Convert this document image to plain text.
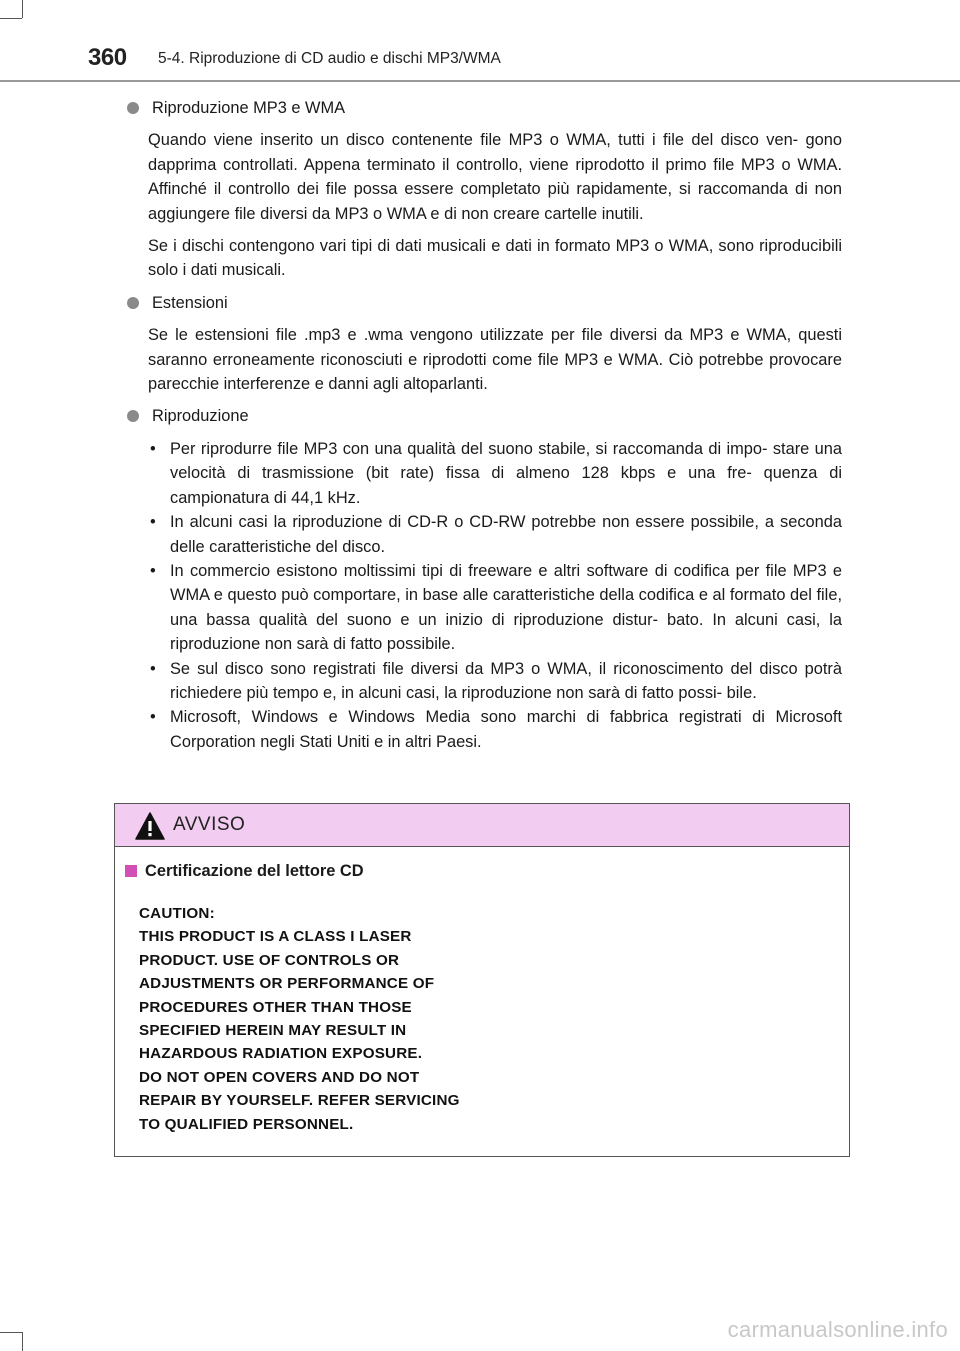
360 5-4. Riproduzione di CD audio e dischi MP3/WMA
Riproduzione MP3 e WMA

Quando viene inserito un disco contenente file MP3 o WMA, tutti i file del disco ven- gono dapprima controllati. Appena terminato il controllo, viene riprodotto il primo file MP3 o WMA. Affinché il controllo dei file possa essere completato più rapidamente, si raccomanda di non aggiungere file diversi da MP3 o WMA e di non creare cartelle inutili.

Se i dischi contengono vari tipi di dati musicali e dati in formato MP3 o WMA, sono riproducibili solo i dati musicali.

Estensioni

Se le estensioni file .mp3 e .wma vengono utilizzate per file diversi da MP3 e WMA, questi saranno erroneamente riconosciuti e riprodotti come file MP3 e WMA. Ciò potrebbe provocare parecchie interferenze e danni agli altoparlanti.

Riproduzione
• Per riprodurre file MP3 con una qualità del suono stabile, si raccomanda di impo- stare una velocità di trasmissione (bit rate) fissa di almeno 128 kbps e una fre- quenza di campionatura di 44,1 kHz.
• In alcuni casi la riproduzione di CD-R o CD-RW potrebbe non essere possibile, a seconda delle caratteristiche del disco.
• In commercio esistono moltissimi tipi di freeware e altri software di codifica per file MP3 e WMA e questo può comportare, in base alle caratteristiche della codifica e al formato del file, una bassa qualità del suono e un inizio di riproduzione distur- bato. In alcuni casi, la riproduzione non sarà di fatto possibile.
• Se sul disco sono registrati file diversi da MP3 o WMA, il riconoscimento del disco potrà richiedere più tempo e, in alcuni casi, la riproduzione non sarà di fatto possi- bile.
• Microsoft, Windows e Windows Media sono marchi di fabbrica registrati di Microsoft Corporation negli Stati Uniti e in altri Paesi.
AVVISO
Certificazione del lettore CD
CAUTION:
THIS PRODUCT IS A CLASS I LASER
PRODUCT. USE OF CONTROLS OR
ADJUSTMENTS OR PERFORMANCE OF
PROCEDURES OTHER THAN THOSE
SPECIFIED HEREIN MAY RESULT IN
HAZARDOUS RADIATION EXPOSURE.
DO NOT OPEN COVERS AND DO NOT
REPAIR BY YOURSELF. REFER SERVICING
TO QUALIFIED PERSONNEL.
carmanualsonline.info
